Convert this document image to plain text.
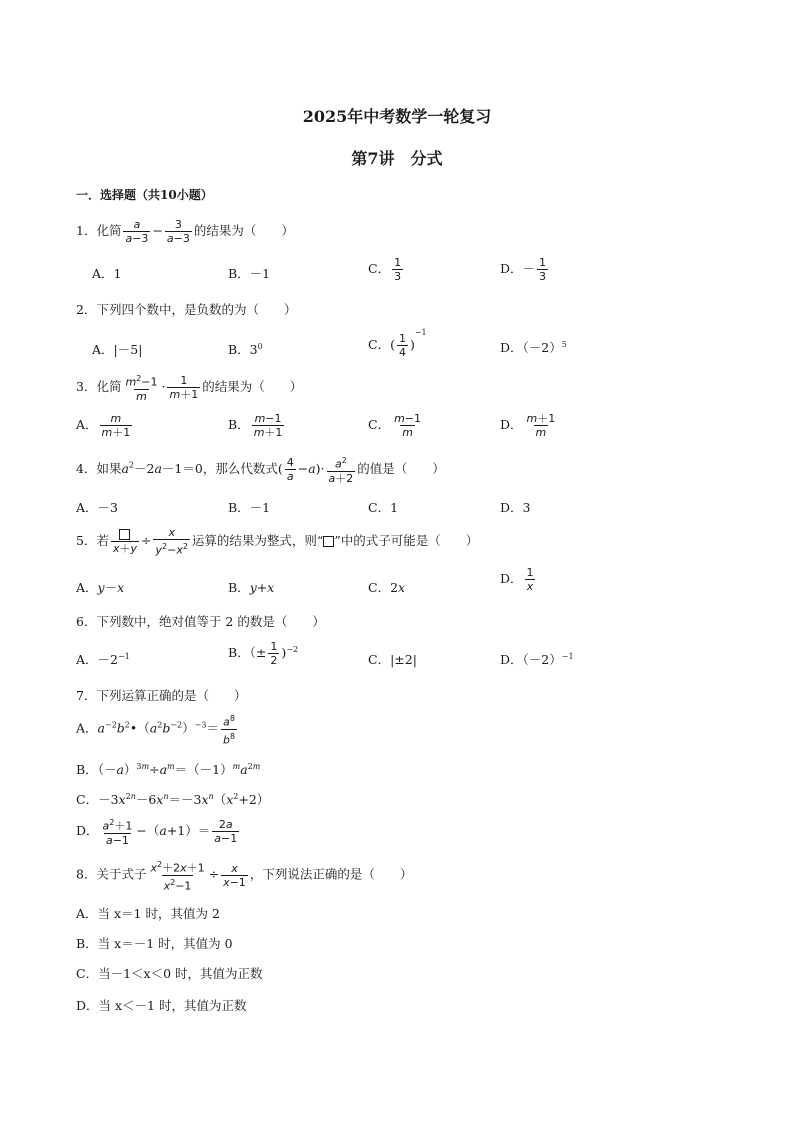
2025年中考数学一轮复习
第7讲　分式
一．选择题（共10小题）
1．化简 $\frac{a}{a-3} - \frac{3}{a-3}$ 的结果为（　　）
A．1	B．－1	C． $\frac{1}{3}$	D．－ $\frac{1}{3}$
2．下列四个数中，是负数的为（　　）
A．|－5|	B．$3^0$	C．( $\frac{1}{4} )^{-1}$
D．$(-2)^5$
3．化简 $\frac{m^2-1}{m} \cdot \frac{1}{m+1}$ 的结果为（　　）
A． $\frac{m}{m+1}$	B． $\frac{m-1}{m+1}$	C． $\frac{m-1}{m}$	D． $\frac{m+1}{m}$
4．如果$a^2-2a-1=0$，那么代数式( $\frac{4}{a} -a)\cdot \frac{a^2}{a+2}$ 的值是（　　）
A．－3	B．－1	C．1	D．3
5．若
x＋y
÷ $\frac{x}{y^2-x^2}$ 运算的结果为整式，则“ ”中的式子可能是（　　）
A．y－x	B．y+x	C．2x
D． $\frac{1}{x}$
6．下列数中，绝对值等于 2 的数是（　　）
A．$-2^{-1}$	B．（± $\frac{1}{2} )^{-2}$
C．|±2|	D．$(-2)^{-1}$
7．下列运算正确的是（　　）
A．$a^{-2}b^2•(a^2b^{-2})^{-3}= \frac{a^8}{b^8}$
B．$(-a)^{3m}\div a^m=(-1)^ma^{2m}$
C．$-3x^{2n}-6x^n=-3x^n(x^2+2)$
D． $\frac{a^2+1}{a-1} -(a+1)= \frac{2a}{a-1}$
8．关于式子 $\frac{x^2+2x+1}{x^2-1} \div \frac{x}{x-1}$ ，下列说法正确的是（　　）
A．当 x＝1 时，其值为 2
B．当 x＝－1 时，其值为 0
C．当－1＜x＜0 时，其值为正数
D．当 x＜－1 时，其值为正数
